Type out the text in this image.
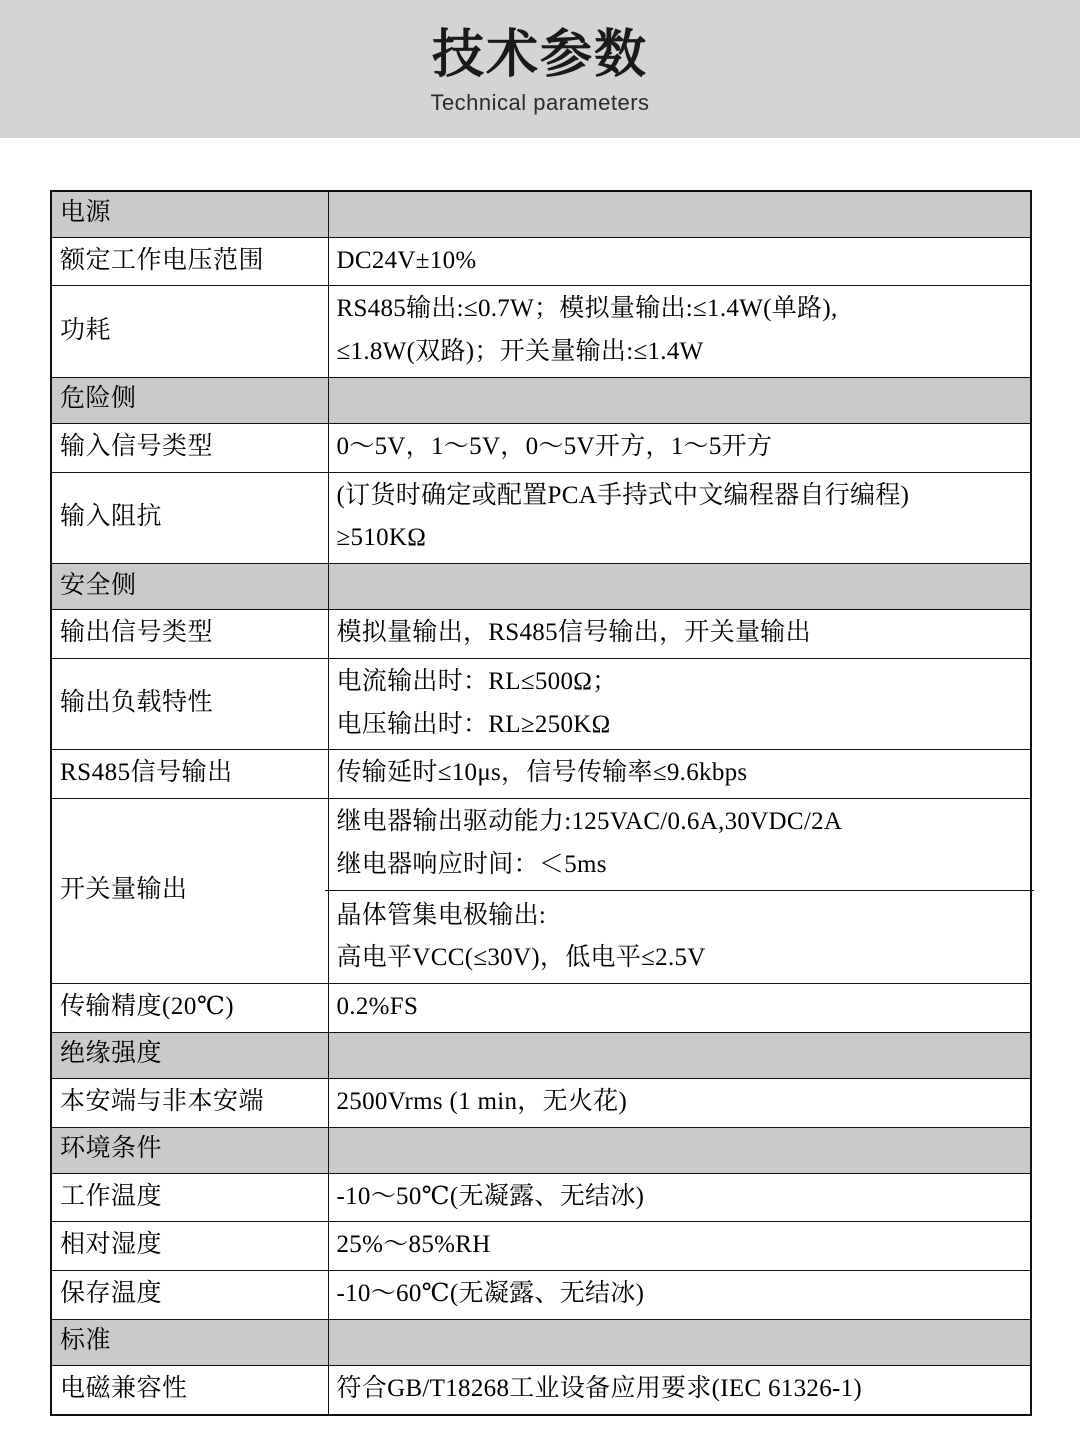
技术参数
Technical parameters
电源	
额定工作电压范围	DC24V±10%
功耗	RS485输出:≤0.7W；模拟量输出:≤1.4W(单路),
≤1.8W(双路)；开关量输出:≤1.4W

危险侧	
输入信号类型	0～5V，1～5V，0～5V开方，1～5开方
输入阻抗	(订货时确定或配置PCA手持式中文编程器自行编程)
≥510KΩ

安全侧	
输出信号类型	模拟量输出，RS485信号输出，开关量输出
输出负载特性	电流输出时：RL≤500Ω；
电压输出时：RL≥250KΩ

RS485信号输出	传输延时≤10μs，信号传输率≤9.6kbps
开关量输出	继电器输出驱动能力:125VAC/0.6A,30VDC/2A
继电器响应时间：＜5ms
晶体管集电极输出:
高电平VCC(≤30V)，低电平≤2.5V

传输精度(20℃)	0.2%FS
绝缘强度	
本安端与非本安端	2500Vrms (1 min，无火花)
环境条件	
工作温度	-10～50℃(无凝露、无结冰)
相对湿度	25%～85%RH
保存温度	-10～60℃(无凝露、无结冰)
标准	
电磁兼容性	符合GB/T18268工业设备应用要求(IEC 61326-1)
